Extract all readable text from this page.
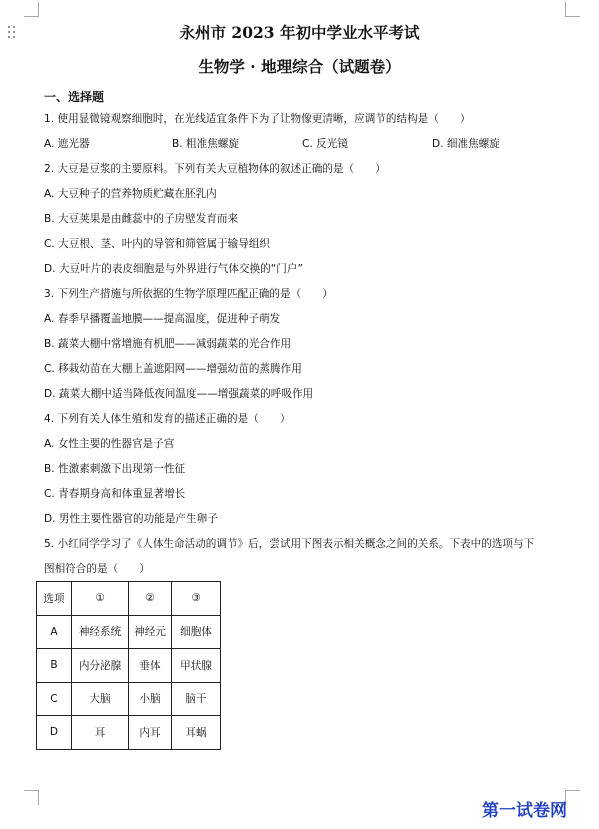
永州市 2023 年初中学业水平考试
生物学 · 地理综合（试题卷）
一、选择题
1. 使用显微镜观察细胞时，在光线适宜条件下为了让物像更清晰，应调节的结构是（　　）
A. 遮光器	B. 粗准焦螺旋	C. 反光镜	D. 细准焦螺旋
2. 大豆是豆浆的主要原料。下列有关大豆植物体的叙述正确的是（　　）
A. 大豆种子的营养物质贮藏在胚乳内
B. 大豆荚果是由雌蕊中的子房壁发育而来
C. 大豆根、茎、叶内的导管和筛管属于输导组织
D. 大豆叶片的表皮细胞是与外界进行气体交换的“门户”
3. 下列生产措施与所依据的生物学原理匹配正确的是（　　）
A. 春季早播覆盖地膜——提高温度，促进种子萌发
B. 蔬菜大棚中常增施有机肥——减弱蔬菜的光合作用
C. 移栽幼苗在大棚上盖遮阳网——增强幼苗的蒸腾作用
D. 蔬菜大棚中适当降低夜间温度——增强蔬菜的呼吸作用
4. 下列有关人体生殖和发育的描述正确的是（　　）
A. 女性主要的性器官是子宫
B. 性激素刺激下出现第一性征
C. 青春期身高和体重显著增长
D. 男性主要性器官的功能是产生卵子
5. 小红同学学习了《人体生命活动的调节》后，尝试用下图表示相关概念之间的关系。下表中的选项与下
图相符合的是（　　）
选项	①	②	③
A	神经系统	神经元	细胞体
B	内分泌腺	垂体	甲状腺
C	大脑	小脑	脑干
D	耳	内耳	耳蜗
第一试卷网
